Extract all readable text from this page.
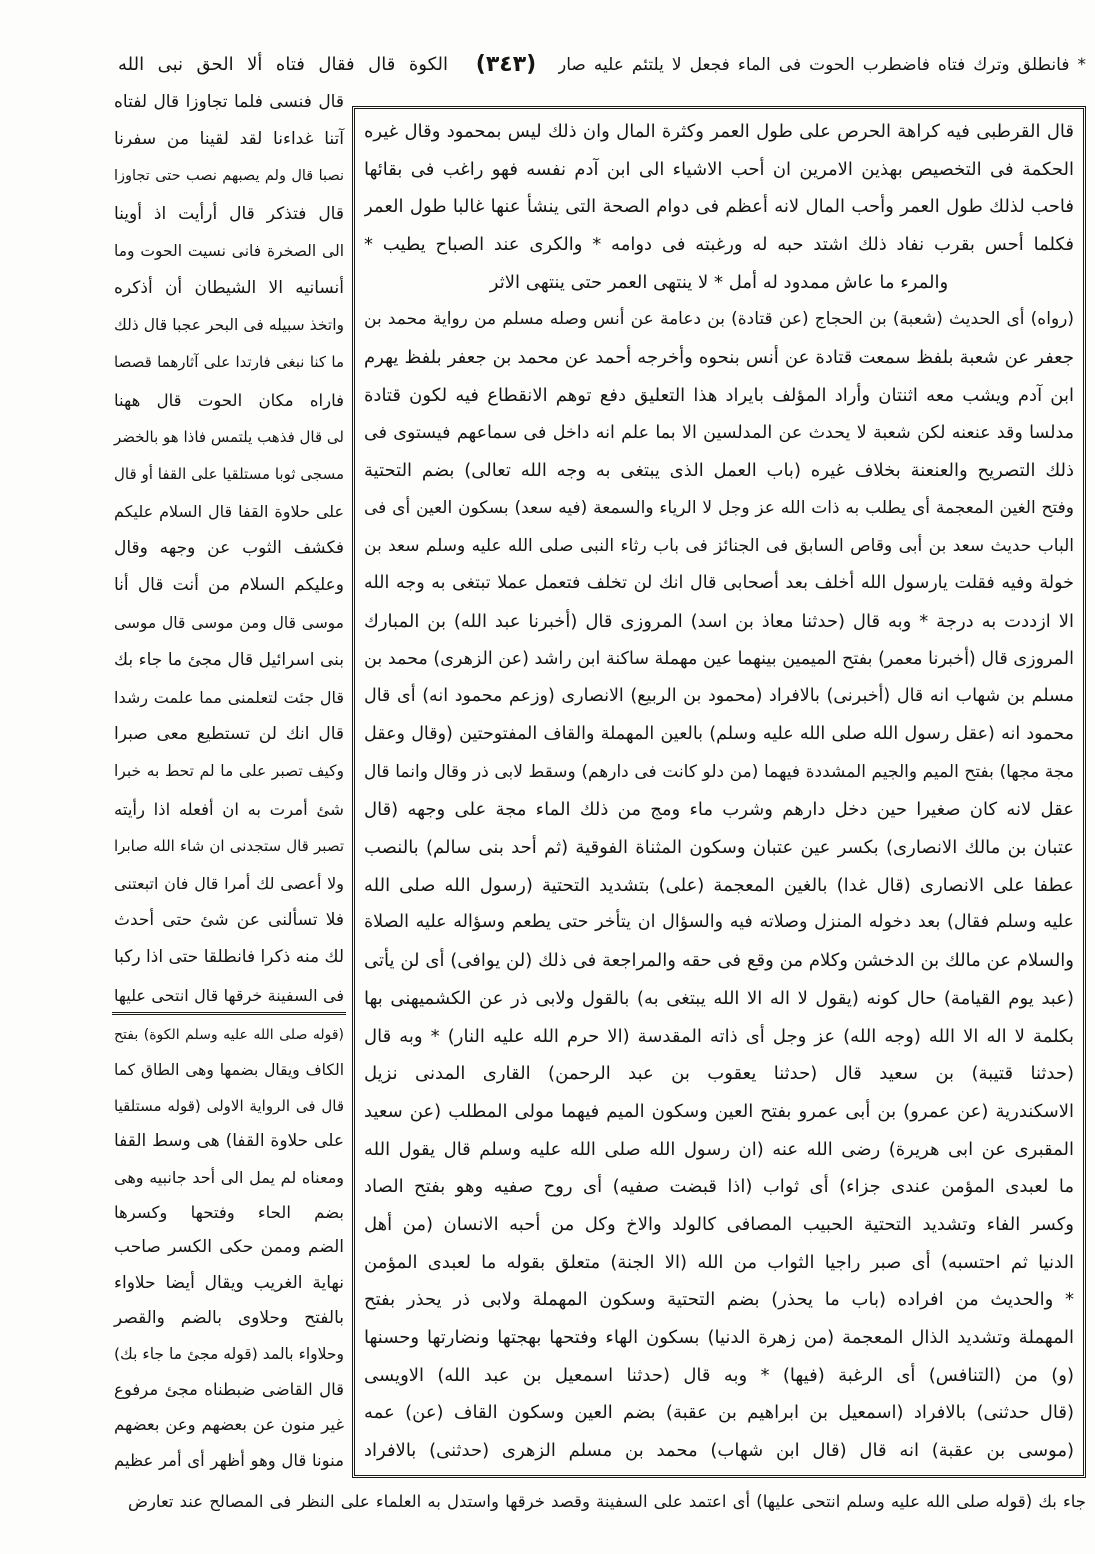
* فانطلق وترك فتاه فاضطرب الحوت فى الماء فجعل لا يلتئم عليه صار
(٣٤٣)
الكوة قال فقال فتاه ألا الحق نبى الله
قال القرطبى فيه كراهة الحرص على طول العمر وكثرة المال وان ذلك ليس بمحمود وقال غيره
الحكمة فى التخصيص بهذين الامرين ان أحب الاشياء الى ابن آدم نفسه فهو راغب فى بقائها
فاحب لذلك طول العمر وأحب المال لانه أعظم فى دوام الصحة التى ينشأ عنها غالبا طول العمر
فكلما أحس بقرب نفاد ذلك اشتد حبه له ورغبته فى دوامه * والكرى عند الصباح يطيب *
والمرء ما عاش ممدود له أمل * لا ينتهى العمر حتى ينتهى الاثر
(رواه) أى الحديث (شعبة) بن الحجاج (عن قتادة) بن دعامة عن أنس وصله مسلم من رواية محمد بن
جعفر عن شعبة بلفظ سمعت قتادة عن أنس بنحوه وأخرجه أحمد عن محمد بن جعفر بلفظ يهرم
ابن آدم ويشب معه اثنتان وأراد المؤلف بايراد هذا التعليق دفع توهم الانقطاع فيه لكون قتادة
مدلسا وقد عنعنه لكن شعبة لا يحدث عن المدلسين الا بما علم انه داخل فى سماعهم فيستوى فى
ذلك التصريح والعنعنة بخلاف غيره (باب العمل الذى يبتغى به وجه الله تعالى) بضم التحتية
وفتح الغين المعجمة أى يطلب به ذات الله عز وجل لا الرياء والسمعة (فيه سعد) بسكون العين أى فى
الباب حديث سعد بن أبى وقاص السابق فى الجنائز فى باب رثاء النبى صلى الله عليه وسلم سعد بن
خولة وفيه فقلت يارسول الله أخلف بعد أصحابى قال انك لن تخلف فتعمل عملا تبتغى به وجه الله
الا ازددت به درجة * وبه قال (حدثنا معاذ بن اسد) المروزى قال (أخبرنا عبد الله) بن المبارك
المروزى قال (أخبرنا معمر) بفتح الميمين بينهما عين مهملة ساكنة ابن راشد (عن الزهرى) محمد بن
مسلم بن شهاب انه قال (أخبرنى) بالافراد (محمود بن الربيع) الانصارى (وزعم محمود انه) أى قال
محمود انه (عقل رسول الله صلى الله عليه وسلم) بالعين المهملة والقاف المفتوحتين (وقال وعقل
مجة مجها) بفتح الميم والجيم المشددة فيهما (من دلو كانت فى دارهم) وسقط لابى ذر وقال وانما قال
عقل لانه كان صغيرا حين دخل دارهم وشرب ماء ومج من ذلك الماء مجة على وجهه (قال
عتبان بن مالك الانصارى) بكسر عين عتبان وسكون المثناة الفوقية (ثم أحد بنى سالم) بالنصب
عطفا على الانصارى (قال غدا) بالغين المعجمة (على) بتشديد التحتية (رسول الله صلى الله
عليه وسلم فقال) بعد دخوله المنزل وصلاته فيه والسؤال ان يتأخر حتى يطعم وسؤاله عليه الصلاة
والسلام عن مالك بن الدخشن وكلام من وقع فى حقه والمراجعة فى ذلك (لن يوافى) أى لن يأتى
(عبد يوم القيامة) حال كونه (يقول لا اله الا الله يبتغى به) بالقول ولابى ذر عن الكشميهنى بها
بكلمة لا اله الا الله (وجه الله) عز وجل أى ذاته المقدسة (الا حرم الله عليه النار) * وبه قال
(حدثنا قتيبة) بن سعيد قال (حدثنا يعقوب بن عبد الرحمن) القارى المدنى نزيل
الاسكندرية (عن عمرو) بن أبى عمرو بفتح العين وسكون الميم فيهما مولى المطلب (عن سعيد
المقبرى عن ابى هريرة) رضى الله عنه (ان رسول الله صلى الله عليه وسلم قال يقول الله
ما لعبدى المؤمن عندى جزاء) أى ثواب (اذا قبضت صفيه) أى روح صفيه وهو بفتح الصاد
وكسر الفاء وتشديد التحتية الحبيب المصافى كالولد والاخ وكل من أحبه الانسان (من أهل
الدنيا ثم احتسبه) أى صبر راجيا الثواب من الله (الا الجنة) متعلق بقوله ما لعبدى المؤمن
* والحديث من افراده (باب ما يحذر) بضم التحتية وسكون المهملة ولابى ذر يحذر بفتح
المهملة وتشديد الذال المعجمة (من زهرة الدنيا) بسكون الهاء وفتحها بهجتها ونضارتها وحسنها
(و) من (التنافس) أى الرغبة (فيها) * وبه قال (حدثنا اسمعيل بن عبد الله) الاويسى
(قال حدثنى) بالافراد (اسمعيل بن ابراهيم بن عقبة) بضم العين وسكون القاف (عن) عمه
(موسى بن عقبة) انه قال (قال ابن شهاب) محمد بن مسلم الزهرى (حدثنى) بالافراد
قال فنسى فلما تجاوزا قال لفتاه
آتنا غداءنا لقد لقينا من سفرنا
نصبا قال ولم يصبهم نصب حتى تجاوزا
قال فتذكر قال أرأيت اذ أوينا
الى الصخرة فانى نسيت الحوت وما
أنسانيه الا الشيطان أن أذكره
واتخذ سبيله فى البحر عجبا قال ذلك
ما كنا نبغى فارتدا على آثارهما قصصا
فاراه مكان الحوت قال ههنا
لى قال فذهب يلتمس فاذا هو بالخضر
مسجى ثوبا مستلقيا على القفا أو قال
على حلاوة القفا قال السلام عليكم
فكشف الثوب عن وجهه وقال
وعليكم السلام من أنت قال أنا
موسى قال ومن موسى قال موسى
بنى اسرائيل قال مجئ ما جاء بك
قال جئت لتعلمنى مما علمت رشدا
قال انك لن تستطيع معى صبرا
وكيف تصبر على ما لم تحط به خبرا
شئ أمرت به ان أفعله اذا رأيته
تصبر قال ستجدنى ان شاء الله صابرا
ولا أعصى لك أمرا قال فان اتبعتنى
فلا تسألنى عن شئ حتى أحدث
لك منه ذكرا فانطلقا حتى اذا ركبا
فى السفينة خرقها قال انتحى عليها
(قوله صلى الله عليه وسلم الكوة) بفتح
الكاف ويقال بضمها وهى الطاق كما
قال فى الرواية الاولى (قوله مستلقيا
على حلاوة القفا) هى وسط القفا
ومعناه لم يمل الى أحد جانبيه وهى
بضم الحاء وفتحها وكسرها
الضم وممن حكى الكسر صاحب
نهاية الغريب ويقال أيضا حلاواء
بالفتح وحلاوى بالضم والقصر
وحلاواء بالمد (قوله مجئ ما جاء بك)
قال القاضى ضبطناه مجئ مرفوع
غير منون عن بعضهم وعن بعضهم
منونا قال وهو أظهر أى أمر عظيم
جاء بك (قوله صلى الله عليه وسلم انتحى عليها) أى اعتمد على السفينة وقصد خرقها واستدل به العلماء على النظر فى المصالح عند تعارض
